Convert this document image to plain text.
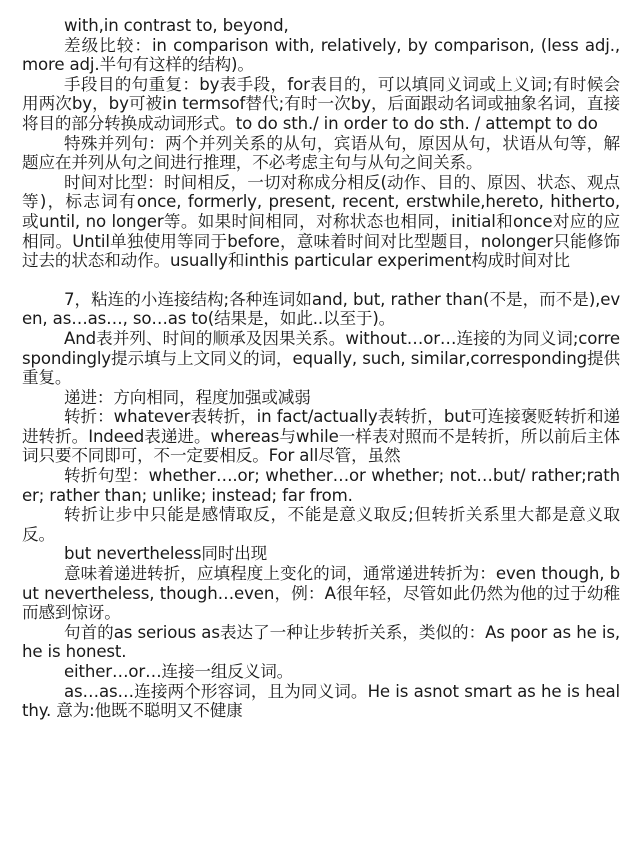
with,in contrast to, beyond,

差级比较：in comparison with, relatively, by comparison, (less adj., more adj.半句有这样的结构)。

手段目的句重复：by表手段，for表目的，可以填同义词或上义词;有时候会用两次by，by可被in termsof替代;有时一次by，后面跟动名词或抽象名词，直接将目的部分转换成动词形式。to do sth./ in order to do sth. / attempt to do

特殊并列句：两个并列关系的从句，宾语从句，原因从句，状语从句等，解题应在并列从句之间进行推理，不必考虑主句与从句之间关系。

时间对比型：时间相反，一切对称成分相反(动作、目的、原因、状态、观点等)，标志词有once, formerly, present, recent, erstwhile,hereto, hitherto, 或until, no longer等。如果时间相同，对称状态也相同，initial和once对应的应相同。Until单独使用等同于before，意味着时间对比型题目，nolonger只能修饰过去的状态和动作。usually和inthis particular experiment构成时间对比

7，粘连的小连接结构;各种连词如and, but, rather than(不是，而不是),even, as…as…, so…as to(结果是，如此..以至于)。

And表并列、时间的顺承及因果关系。without…or…连接的为同义词;correspondingly提示填与上文同义的词，equally, such, similar,corresponding提供重复。

递进：方向相同，程度加强或减弱

转折：whatever表转折，in fact/actually表转折，but可连接褒贬转折和递进转折。Indeed表递进。whereas与while一样表对照而不是转折，所以前后主体词只要不同即可，不一定要相反。For all尽管，虽然

转折句型：whether….or; whether…or whether; not…but/ rather;rather; rather than; unlike; instead; far from.

转折让步中只能是感情取反，不能是意义取反;但转折关系里大都是意义取反。

but nevertheless同时出现

意味着递进转折，应填程度上变化的词，通常递进转折为：even though, but nevertheless, though…even，例：A很年轻，尽管如此仍然为他的过于幼稚而感到惊讶。

句首的as serious as表达了一种让步转折关系，类似的：As poor as he is, he is honest.

either…or…连接一组反义词。

as…as…连接两个形容词，且为同义词。He is asnot smart as he is healthy. 意为:他既不聪明又不健康
